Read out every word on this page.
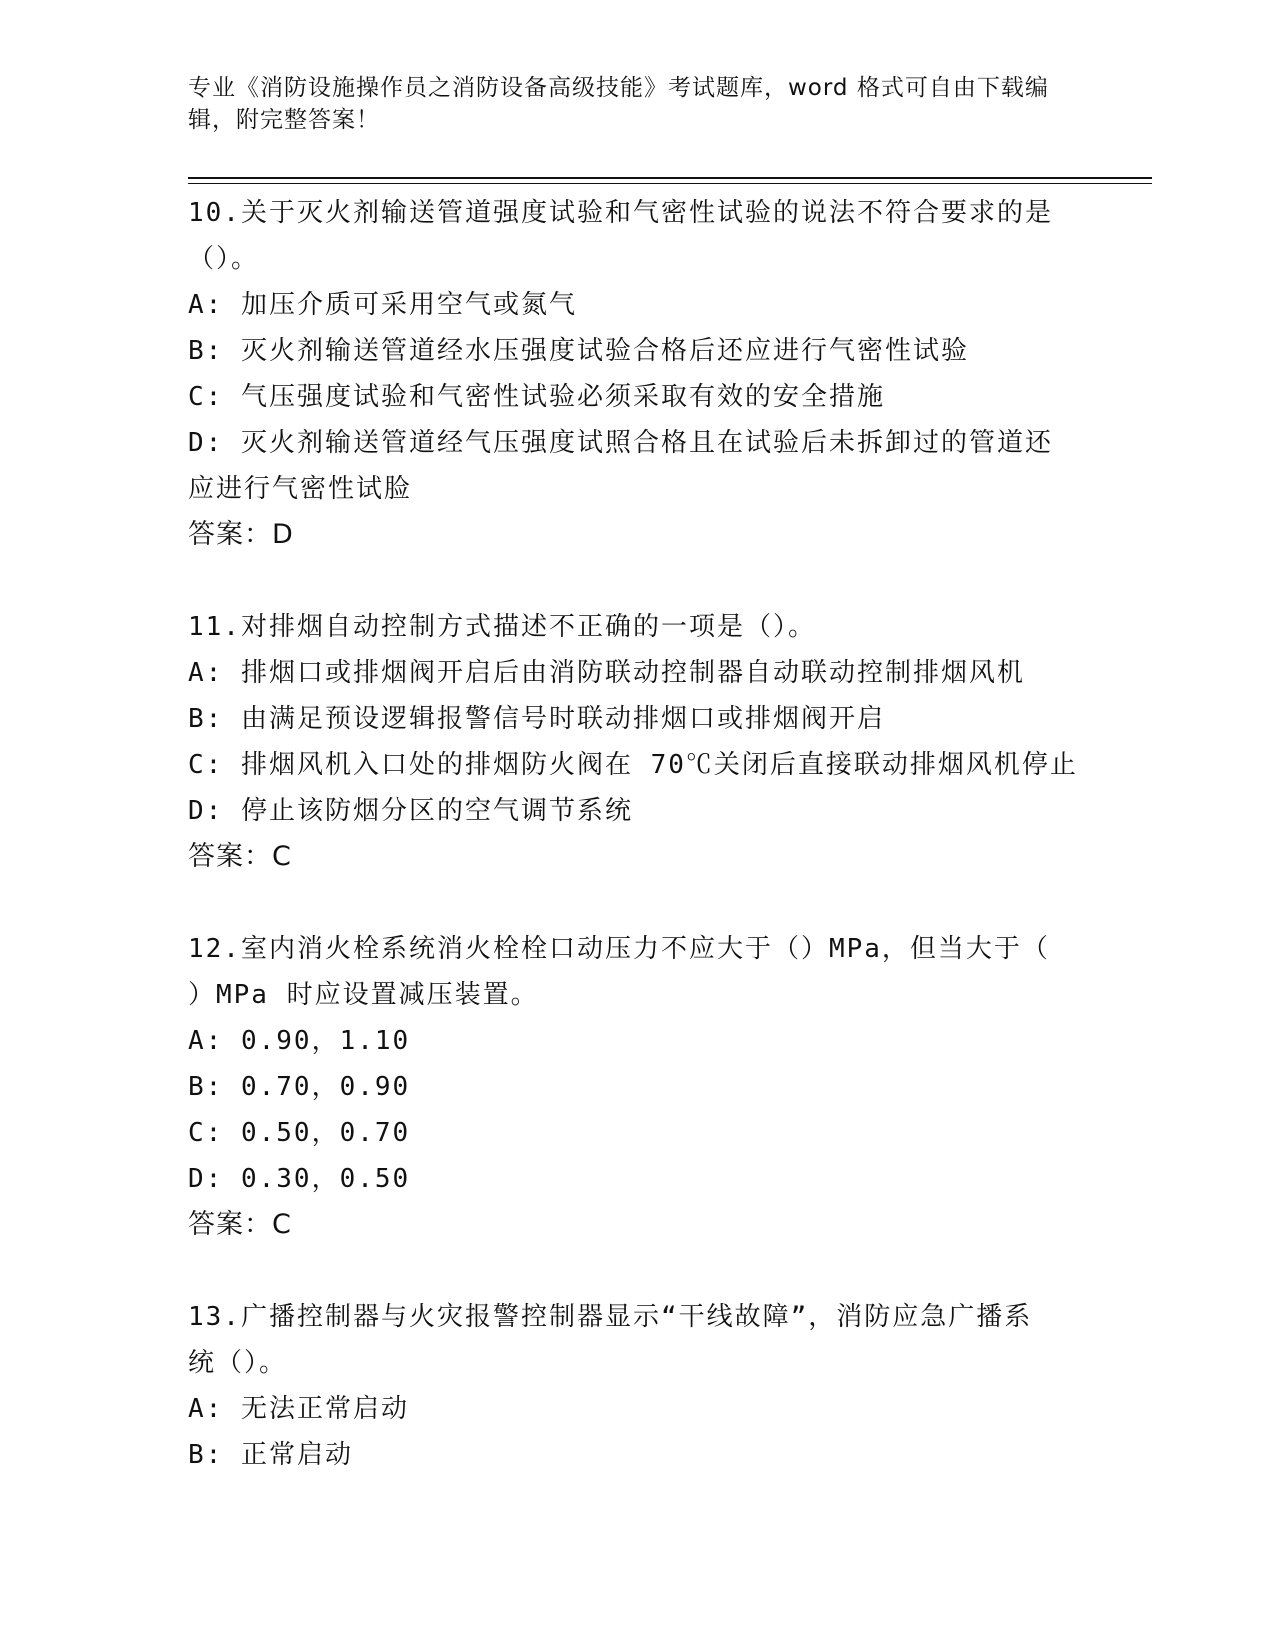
专业《消防设施操作员之消防设备高级技能》考试题库，word 格式可自由下载编
辑，附完整答案！
10.关于灭火剂输送管道强度试验和气密性试验的说法不符合要求的是
（）。
A: 加压介质可采用空气或氮气
B: 灭火剂输送管道经水压强度试验合格后还应进行气密性试验
C: 气压强度试验和气密性试验必须采取有效的安全措施
D: 灭火剂输送管道经气压强度试照合格且在试验后未拆卸过的管道还
应进行气密性试脸
答案：D
11.对排烟自动控制方式描述不正确的一项是（）。
A: 排烟口或排烟阀开启后由消防联动控制器自动联动控制排烟风机
B: 由满足预设逻辑报警信号时联动排烟口或排烟阀开启
C: 排烟风机入口处的排烟防火阀在 70℃关闭后直接联动排烟风机停止
D: 停止该防烟分区的空气调节系统
答案：C
12.室内消火栓系统消火栓栓口动压力不应大于（）MPa，但当大于（
）MPa 时应设置减压装置。
A: 0.90，1.10
B: 0.70，0.90
C: 0.50，0.70
D: 0.30，0.50
答案：C
13.广播控制器与火灾报警控制器显示“干线故障”，消防应急广播系
统（）。
A: 无法正常启动
B: 正常启动
